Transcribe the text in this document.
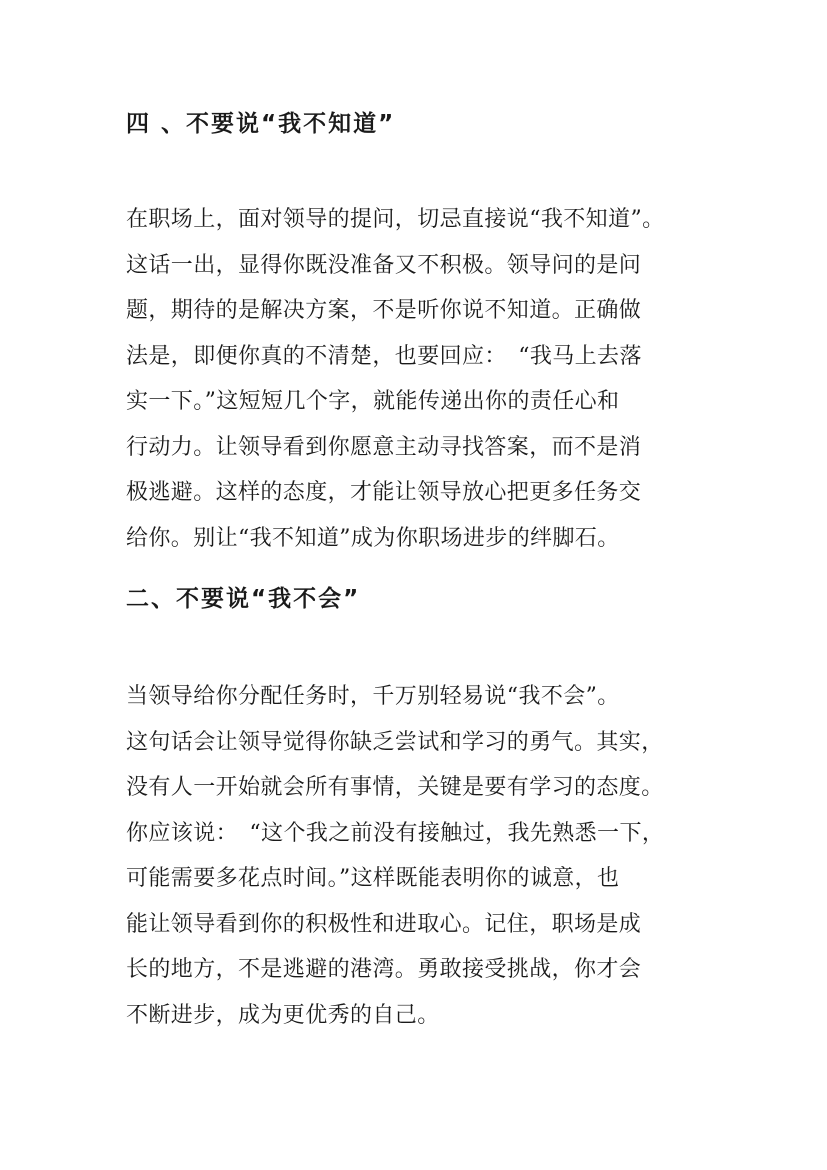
四 、不要说“我不知道”
在职场上，面对领导的提问，切忌直接说“我不知道”。
这话一出，显得你既没准备又不积极。领导问的是问
题，期待的是解决方案，不是听你说不知道。正确做
法是，即便你真的不清楚，也要回应：　“我马上去落
实一下。”这短短几个字，就能传递出你的责任心和
行动力。让领导看到你愿意主动寻找答案，而不是消
极逃避。这样的态度，才能让领导放心把更多任务交
给你。别让“我不知道”成为你职场进步的绊脚石。
二、不要说“我不会”
当领导给你分配任务时，千万别轻易说“我不会”。
这句话会让领导觉得你缺乏尝试和学习的勇气。其实，
没有人一开始就会所有事情，关键是要有学习的态度。
你应该说：　“这个我之前没有接触过，我先熟悉一下，
可能需要多花点时间。”这样既能表明你的诚意，也
能让领导看到你的积极性和进取心。记住，职场是成
长的地方，不是逃避的港湾。勇敢接受挑战，你才会
不断进步，成为更优秀的自己。
